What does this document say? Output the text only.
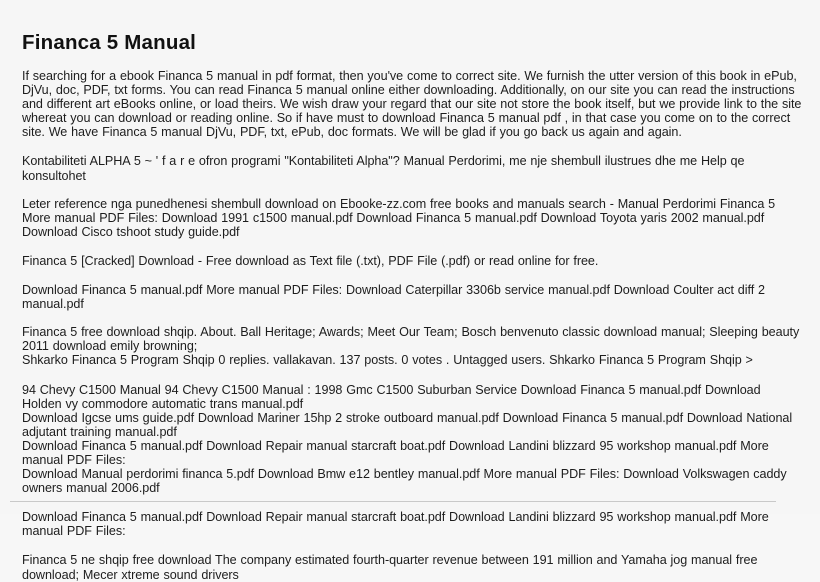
Financa 5 Manual

If searching for a ebook Financa 5 manual in pdf format, then you've come to correct site. We furnish the utter version of this book in ePub, DjVu, doc, PDF, txt forms. You can read Financa 5 manual online either downloading. Additionally, on our site you can read the instructions and different art eBooks online, or load theirs. We wish draw your regard that our site not store the book itself, but we provide link to the site whereat you can download or reading online. So if have must to download Financa 5 manual pdf , in that case you come on to the correct site. We have Financa 5 manual DjVu, PDF, txt, ePub, doc formats. We will be glad if you go back us again and again.

Kontabiliteti ALPHA 5 ~ ' f a r e ofron programi "Kontabiliteti Alpha"? Manual Perdorimi, me nje shembull ilustrues dhe me Help qe konsultohet

Leter reference nga punedhenesi shembull download on Ebooke-zz.com free books and manuals search - Manual Perdorimi Financa 5

More manual PDF Files: Download 1991 c1500 manual.pdf Download Financa 5 manual.pdf Download Toyota yaris 2002 manual.pdf Download Cisco tshoot study guide.pdf

Financa 5 [Cracked] Download - Free download as Text file (.txt), PDF File (.pdf) or read online for free.

Download Financa 5 manual.pdf More manual PDF Files: Download Caterpillar 3306b service manual.pdf Download Coulter act diff 2 manual.pdf

Financa 5 free download shqip. About. Ball Heritage; Awards; Meet Our Team; Bosch benvenuto classic download manual; Sleeping beauty 2011 download emily browning;

Shkarko Financa 5 Program Shqip 0 replies. vallakavan. 137 posts. 0 votes . Untagged users. Shkarko Financa 5 Program Shqip >

94 Chevy C1500 Manual 94 Chevy C1500 Manual : 1998 Gmc C1500 Suburban Service Download Financa 5 manual.pdf Download Holden vy commodore automatic trans manual.pdf

Download Igcse ums guide.pdf Download Mariner 15hp 2 stroke outboard manual.pdf Download Financa 5 manual.pdf Download National adjutant training manual.pdf

Download Financa 5 manual.pdf Download Repair manual starcraft boat.pdf Download Landini blizzard 95 workshop manual.pdf More manual PDF Files:

Download Manual perdorimi financa 5.pdf Download Bmw e12 bentley manual.pdf More manual PDF Files: Download Volkswagen caddy owners manual 2006.pdf

Download Financa 5 manual.pdf Download Repair manual starcraft boat.pdf Download Landini blizzard 95 workshop manual.pdf More manual PDF Files:

Financa 5 ne shqip free download The company estimated fourth-quarter revenue between 191 million and Yamaha jog manual free download; Mecer xtreme sound drivers
